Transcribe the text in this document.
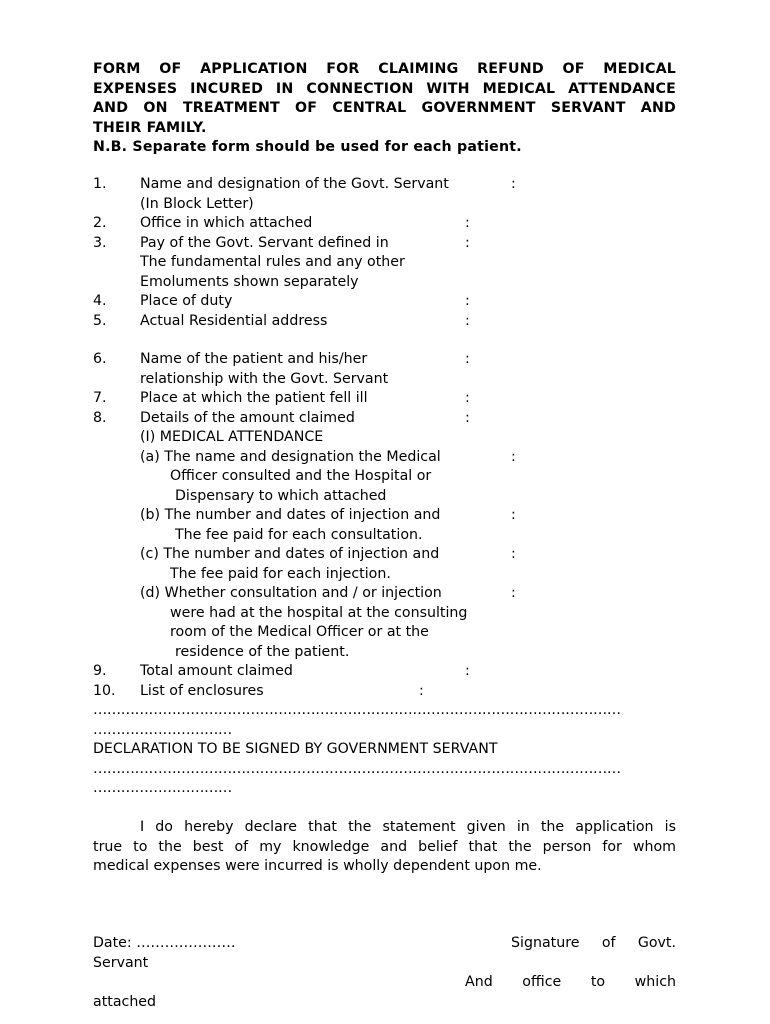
FORM OF APPLICATION FOR CLAIMING REFUND OF MEDICAL
EXPENSES INCURED IN CONNECTION WITH MEDICAL ATTENDANCE
AND ON TREATMENT OF CENTRAL GOVERNMENT SERVANT AND
THEIR FAMILY.
N.B. Separate form should be used for each patient.
1. Name and designation of the Govt. Servant	:
(In Block Letter)
2. Office in which attached	:
3. Pay of the Govt. Servant defined in	:
The fundamental rules and any other
Emoluments shown separately
4. Place of duty	:
5. Actual Residential address	:
6. Name of the patient and his/her	:
relationship with the Govt. Servant
7. Place at which the patient fell ill	:
8. Details of the amount claimed	:
(I) MEDICAL ATTENDANCE
(a) The name and designation the Medical	:
Officer consulted and the Hospital or
Dispensary to which attached
(b) The number and dates of injection and	:
The fee paid for each consultation.
(c) The number and dates of injection and	:
The fee paid for each injection.
(d) Whether consultation and / or injection	:
were had at the hospital at the consulting
room of the Medical Officer or at the
residence of the patient.
9. Total amount claimed	:
10. List of enclosures	:
……………………………………………………………………………………………………
…………………………
DECLARATION TO BE SIGNED BY GOVERNMENT SERVANT
……………………………………………………………………………………………………
…………………………
I do hereby declare that the statement given in the application is
true to the best of my knowledge and belief that the person for whom
medical expenses were incurred is wholly dependent upon me.
Date: …………………	Signature of Govt.
Servant
And office to which
attached
